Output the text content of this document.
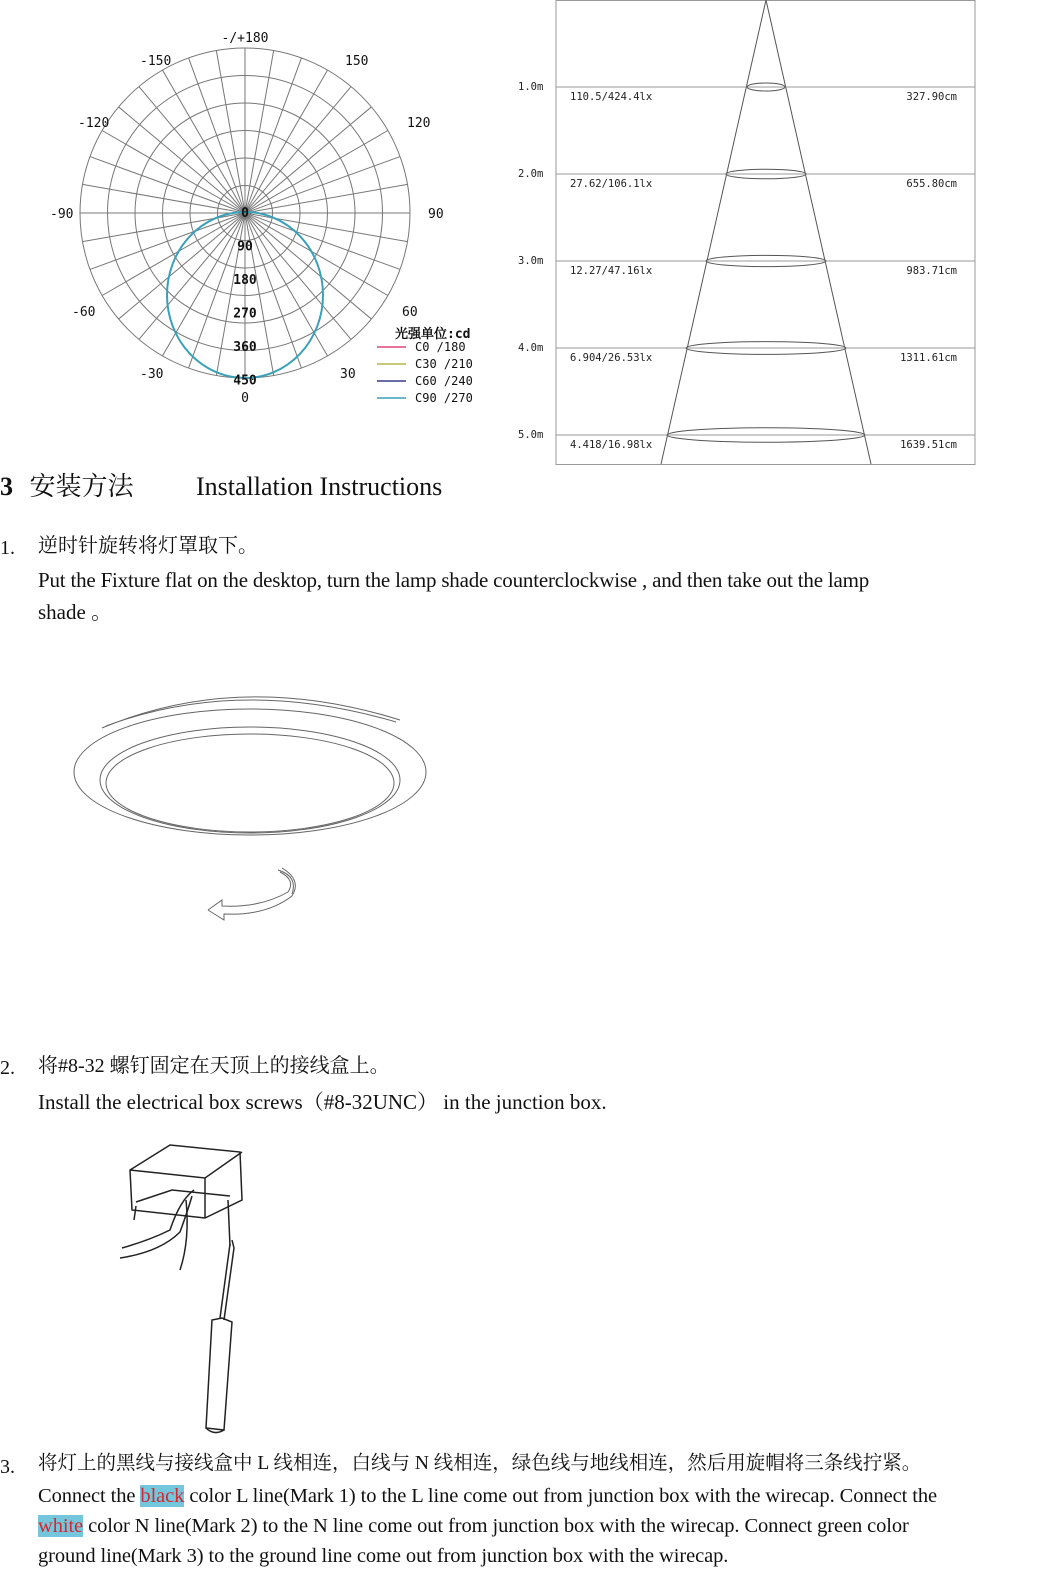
-/+180
-150	150
-120	120
-90	90
-60	60
-30	30
0
0
90
180
270
360
450
光强单位:cd
C0 /180
C30 /210
C60 /240
C90 /270
1.0m
110.5/424.4lx	327.90cm
2.0m
27.62/106.1lx	655.80cm
3.0m
12.27/47.16lx	983.71cm
4.0m
6.904/26.53lx	1311.61cm
5.0m
4.418/16.98lx	1639.51cm
3 安装方法 Installation Instructions
1. 逆时针旋转将灯罩取下。
Put the Fixture flat on the desktop, turn the lamp shade counterclockwise , and then take out the lamp
shade 。
2. 将#8-32 螺钉固定在天顶上的接线盒上。
Install the electrical box screws（#8-32UNC） in the junction box.
3. 将灯上的黑线与接线盒中 L 线相连，白线与 N 线相连，绿色线与地线相连，然后用旋帽将三条线拧紧。
Connect the black color L line(Mark 1) to the L line come out from junction box with the wirecap. Connect the
white color N line(Mark 2) to the N line come out from junction box with the wirecap. Connect green color
ground line(Mark 3) to the ground line come out from junction box with the wirecap.
